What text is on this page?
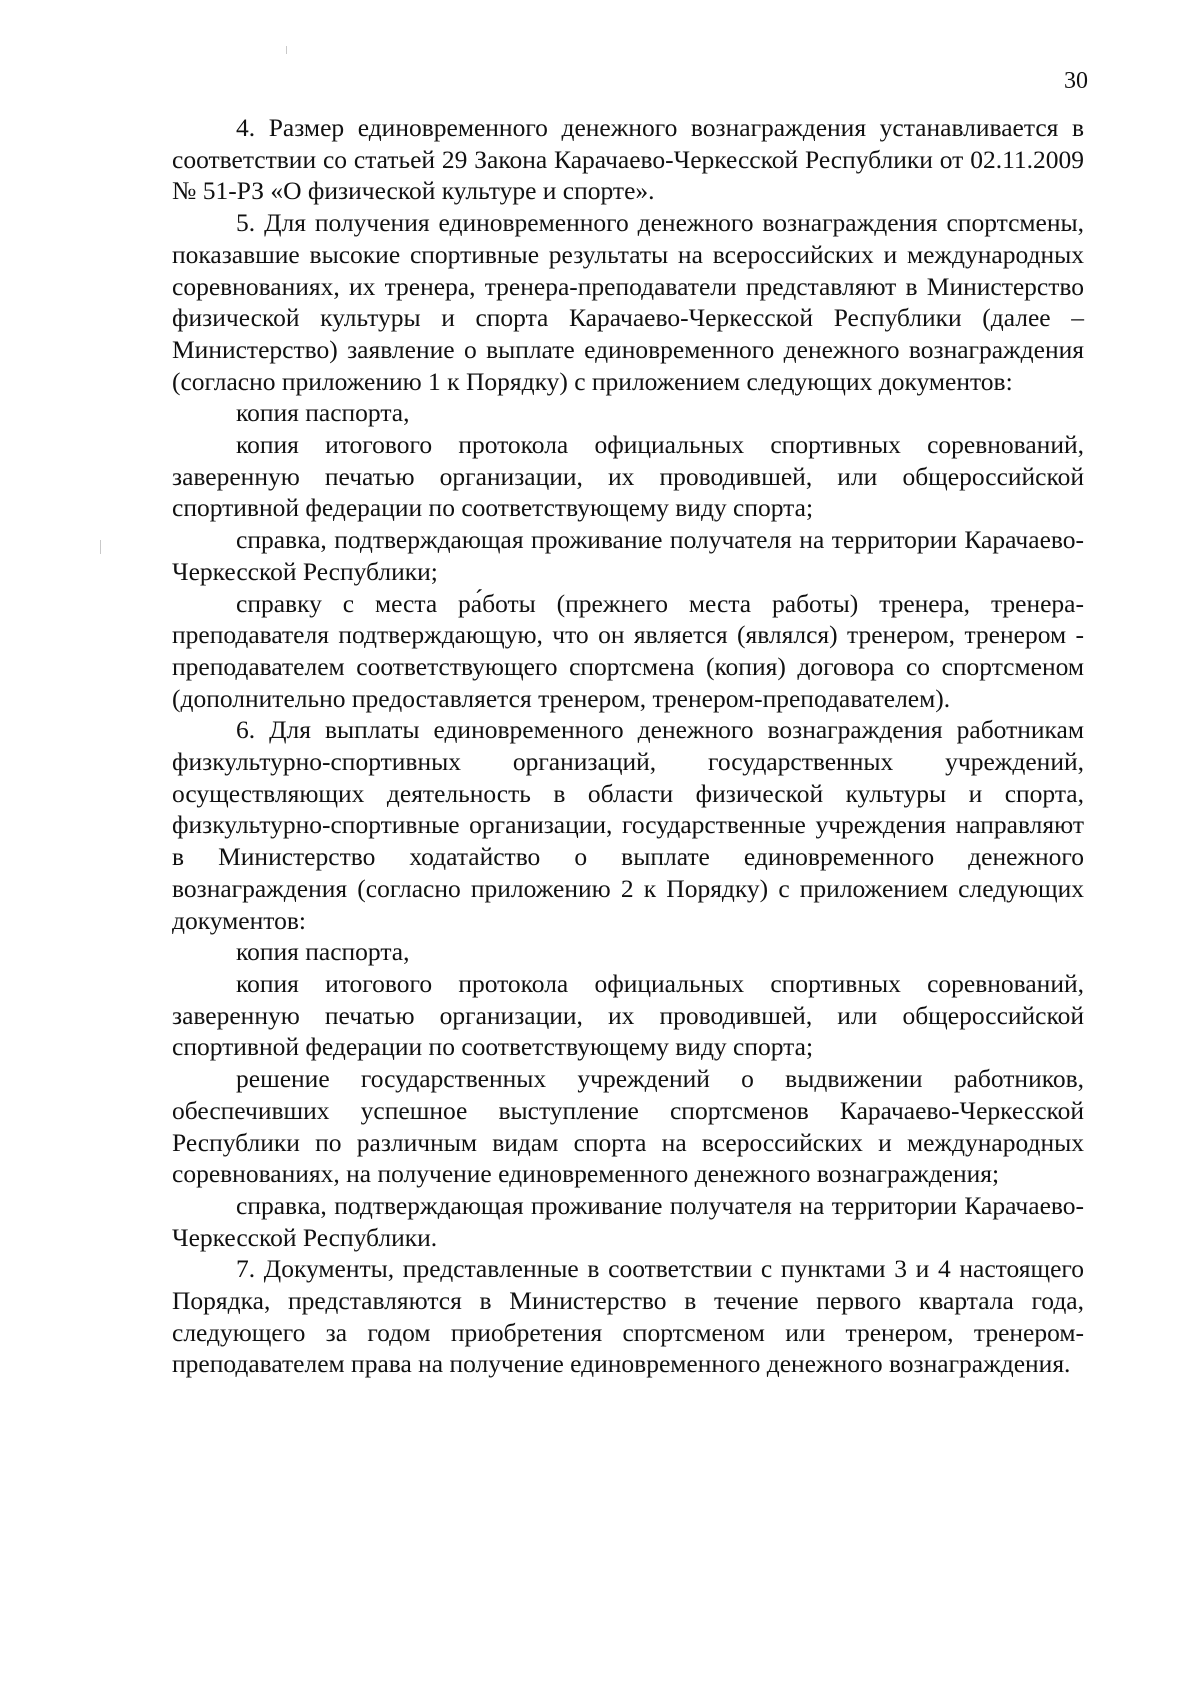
30

4. Размер единовременного денежного вознаграждения устанавливается в соответствии со статьей 29 Закона Карачаево-Черкесской Республики от 02.11.2009 № 51-РЗ «О физической культуре и спорте».

5. Для получения единовременного денежного вознаграждения спортсмены, показавшие высокие спортивные результаты на всероссийских и международных соревнованиях, их тренера, тренера-преподаватели представляют в Министерство физической культуры и спорта Карачаево-Черкесской Республики (далее – Министерство) заявление о выплате единовременного денежного вознаграждения (согласно приложению 1 к Порядку) с приложением следующих документов:

копия паспорта,

копия итогового протокола официальных спортивных соревнований, заверенную печатью организации, их проводившей, или общероссийской спортивной федерации по соответствующему виду спорта;

справка, подтверждающая проживание получателя на территории Карачаево-Черкесской Республики;

справку с места ра́боты (прежнего места работы) тренера, тренера- преподавателя подтверждающую, что он является (являлся) тренером, тренером - преподавателем соответствующего спортсмена (копия) договора со спортсменом (дополнительно предоставляется тренером, тренером-преподавателем).

6. Для выплаты единовременного денежного вознаграждения работникам физкультурно-спортивных организаций, государственных учреждений, осуществляющих деятельность в области физической культуры и спорта, физкультурно-спортивные организации, государственные учреждения направляют в Министерство ходатайство о выплате единовременного денежного вознаграждения (согласно приложению 2 к Порядку) с приложением следующих документов:

копия паспорта,

копия итогового протокола официальных спортивных соревнований, заверенную печатью организации, их проводившей, или общероссийской спортивной федерации по соответствующему виду спорта;

решение государственных учреждений о выдвижении работников, обеспечивших успешное выступление спортсменов Карачаево-Черкесской Республики по различным видам спорта на всероссийских и международных соревнованиях, на получение единовременного денежного вознаграждения;

справка, подтверждающая проживание получателя на территории Карачаево-Черкесской Республики.

7. Документы, представленные в соответствии с пунктами 3 и 4 настоящего Порядка, представляются в Министерство в течение первого квартала года, следующего за годом приобретения спортсменом или тренером, тренером-преподавателем права на получение единовременного денежного вознаграждения.
